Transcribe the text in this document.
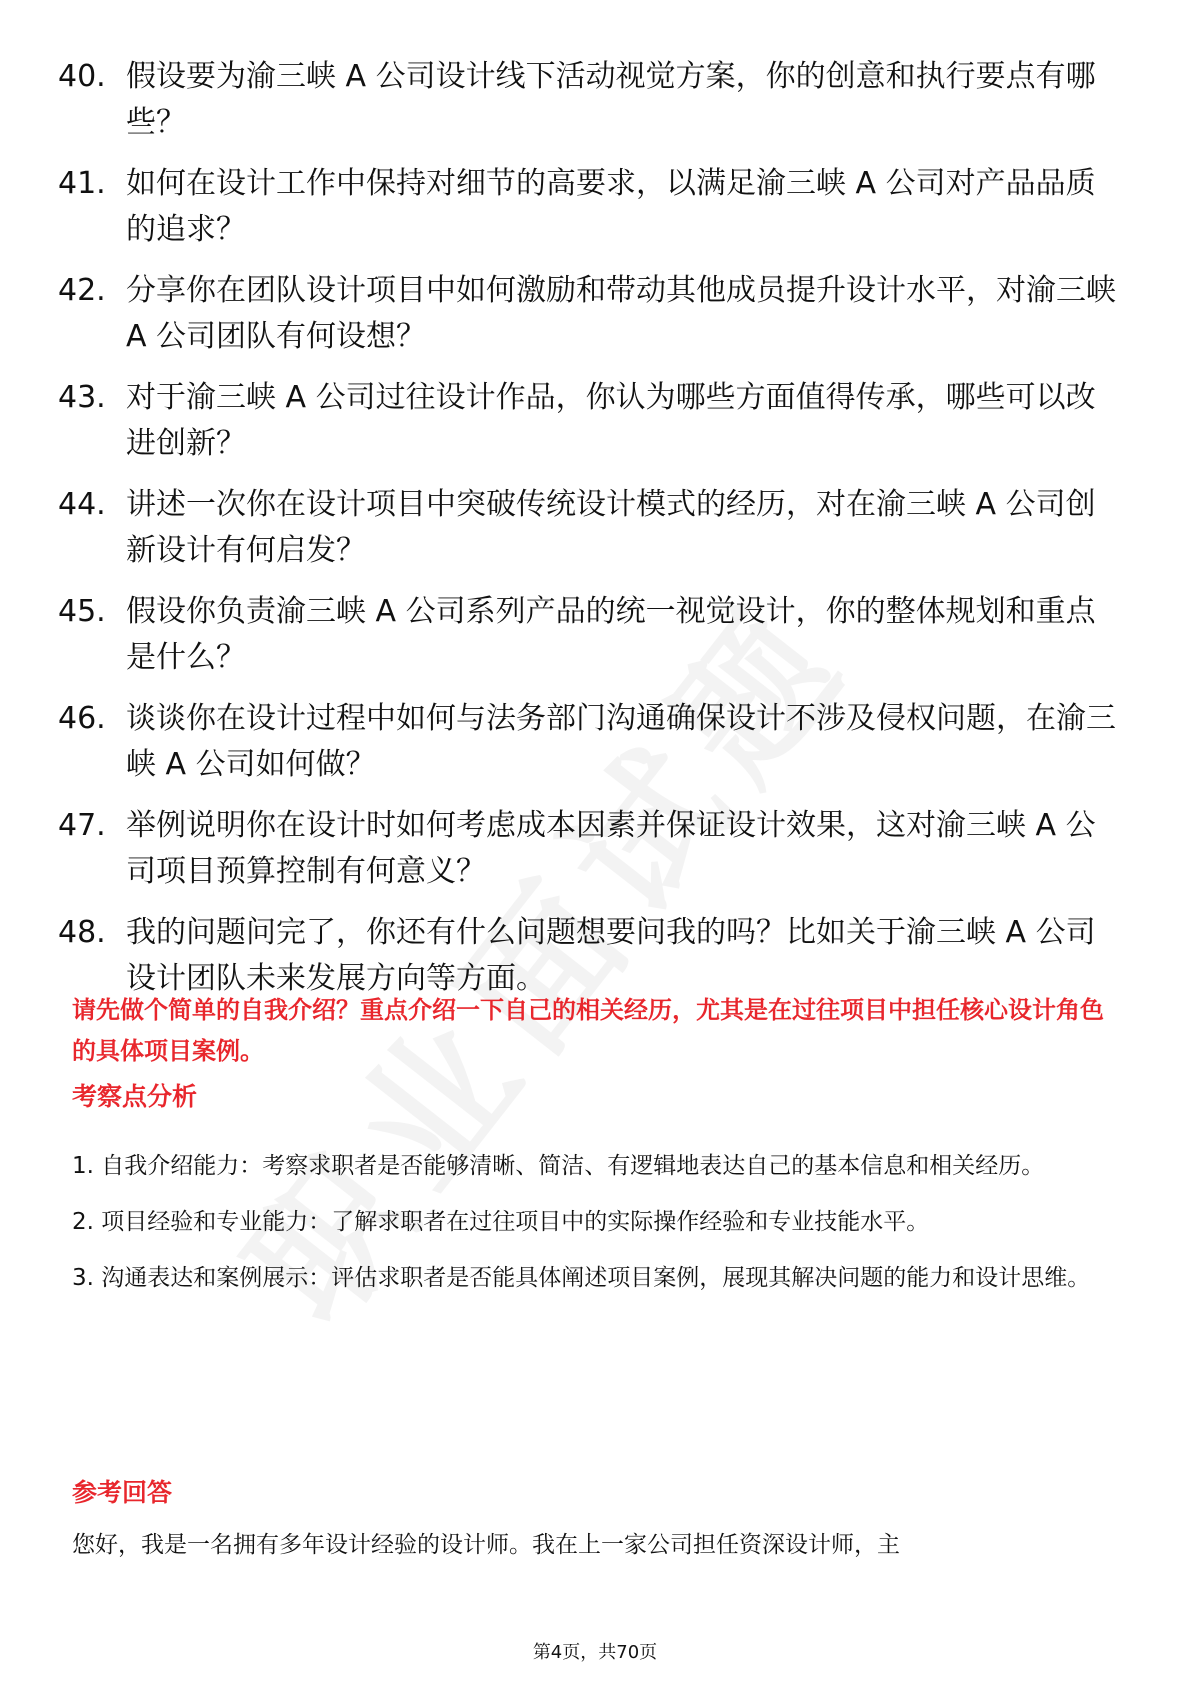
40. 假设要为渝三峡 A 公司设计线下活动视觉方案，你的创意和执行要点有哪些？
41. 如何在设计工作中保持对细节的高要求，以满足渝三峡 A 公司对产品品质的追求？
42. 分享你在团队设计项目中如何激励和带动其他成员提升设计水平，对渝三峡 A 公司团队有何设想？
43. 对于渝三峡 A 公司过往设计作品，你认为哪些方面值得传承，哪些可以改进创新？
44. 讲述一次你在设计项目中突破传统设计模式的经历，对在渝三峡 A 公司创新设计有何启发？
45. 假设你负责渝三峡 A 公司系列产品的统一视觉设计，你的整体规划和重点是什么？
46. 谈谈你在设计过程中如何与法务部门沟通确保设计不涉及侵权问题，在渝三峡 A 公司如何做？
47. 举例说明你在设计时如何考虑成本因素并保证设计效果，这对渝三峡 A 公司项目预算控制有何意义？
48. 我的问题问完了，你还有什么问题想要问我的吗？比如关于渝三峡 A 公司设计团队未来发展方向等方面。
请先做个简单的自我介绍？重点介绍一下自己的相关经历，尤其是在过往项目中担任核心设计角色的具体项目案例。
考察点分析

1. 自我介绍能力：考察求职者是否能够清晰、简洁、有逻辑地表达自己的基本信息和相关经历。

2. 项目经验和专业能力：了解求职者在过往项目中的实际操作经验和专业技能水平。

3. 沟通表达和案例展示：评估求职者是否能具体阐述项目案例，展现其解决问题的能力和设计思维。

参考回答
您好，我是一名拥有多年设计经验的设计师。我在上一家公司担任资深设计师，主
第4页，共70页
